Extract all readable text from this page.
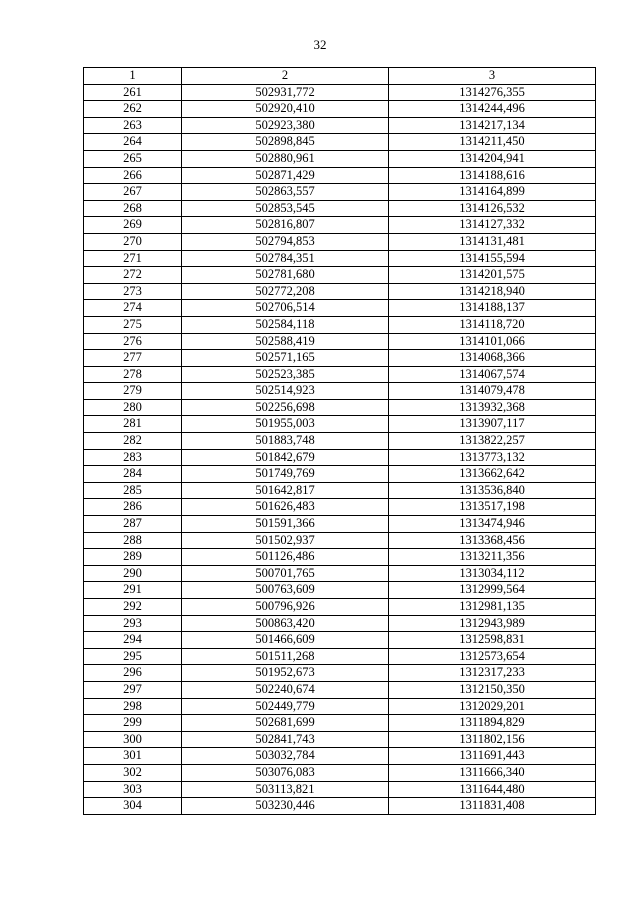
32
1	2	3
261	502931,772	1314276,355
262	502920,410	1314244,496
263	502923,380	1314217,134
264	502898,845	1314211,450
265	502880,961	1314204,941
266	502871,429	1314188,616
267	502863,557	1314164,899
268	502853,545	1314126,532
269	502816,807	1314127,332
270	502794,853	1314131,481
271	502784,351	1314155,594
272	502781,680	1314201,575
273	502772,208	1314218,940
274	502706,514	1314188,137
275	502584,118	1314118,720
276	502588,419	1314101,066
277	502571,165	1314068,366
278	502523,385	1314067,574
279	502514,923	1314079,478
280	502256,698	1313932,368
281	501955,003	1313907,117
282	501883,748	1313822,257
283	501842,679	1313773,132
284	501749,769	1313662,642
285	501642,817	1313536,840
286	501626,483	1313517,198
287	501591,366	1313474,946
288	501502,937	1313368,456
289	501126,486	1313211,356
290	500701,765	1313034,112
291	500763,609	1312999,564
292	500796,926	1312981,135
293	500863,420	1312943,989
294	501466,609	1312598,831
295	501511,268	1312573,654
296	501952,673	1312317,233
297	502240,674	1312150,350
298	502449,779	1312029,201
299	502681,699	1311894,829
300	502841,743	1311802,156
301	503032,784	1311691,443
302	503076,083	1311666,340
303	503113,821	1311644,480
304	503230,446	1311831,408
